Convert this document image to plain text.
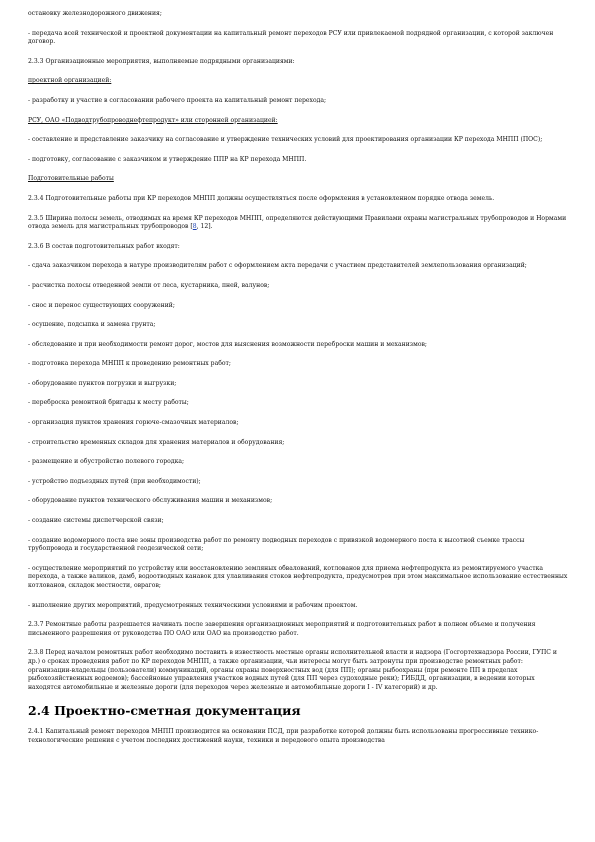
остановку железнодорожного движения;

- передача всей технической и проектной документации на капитальный ремонт переходов РСУ или привлекаемой подрядной организации, с которой заключен договор.

2.3.3 Организационные мероприятия, выполняемые подрядными организациями:

проектной организацией:

- разработку и участие в согласовании рабочего проекта на капитальный ремонт перехода;

РСУ, ОАО «Подводтрубопроводнефтепродукт» или сторонней организацией:

- составление и представление заказчику на согласование и утверждение технических условий для проектирования организации КР перехода МНПП (ПОС);

- подготовку, согласование с заказчиком и утверждение ППР на КР перехода МНПП.

Подготовительные работы

2.3.4 Подготовительные работы при КР переходов МНПП должны осуществляться после оформления в установленном порядке отвода земель.

2.3.5 Ширина полосы земель, отводимых на время КР переходов МНПП, определяются действующими Правилами охраны магистральных трубопроводов и Нормами отвода земель для магистральных трубопроводов [8, 12].

2.3.6 В состав подготовительных работ входят:

- сдача заказчиком перехода в натуре производителям работ с оформлением акта передачи с участием представителей землепользования организаций;

- расчистка полосы отведенной земли от леса, кустарника, пней, валунов;

- снос и перенос существующих сооружений;

- осушение, подсыпка и замена грунта;

- обследование и при необходимости ремонт дорог, мостов для выяснения возможности переброски машин и механизмов;

- подготовка перехода МНПП к проведению ремонтных работ;

- оборудование пунктов погрузки и выгрузки;

- переброска ремонтной бригады к месту работы;

- организация пунктов хранения горюче-смазочных материалов;

- строительство временных складов для хранения материалов и оборудования;

- размещение и обустройство полевого городка;

- устройство подъездных путей (при необходимости);

- оборудование пунктов технического обслуживания машин и механизмов;

- создание системы диспетчерской связи;

- создание водомерного поста вне зоны производства работ по ремонту подводных переходов с привязкой водомерного поста к высотной съемке трассы трубопровода и государственной геодезической сети;

- осуществление мероприятий по устройству или восстановлению земляных обвалований, котлованов для приема нефтепродукта из ремонтируемого участка перехода, а также валиков, дамб, водоотводных канавок для улавливания стоков нефтепродукта, предусмотрев при этом максимальное использование естественных котлованов, складок местности, оврагов;

- выполнение других мероприятий, предусмотренных техническими условиями и рабочим проектом.

2.3.7 Ремонтные работы разрешается начинать после завершения организационных мероприятий и подготовительных работ в полном объеме и получения письменного разрешения от руководства ПО ОАО или ОАО на производство работ.

2.3.8 Перед началом ремонтных работ необходимо поставить в известность местные органы исполнительной власти и надзора (Госгортехнадзора России, ГУПС и др.) о сроках проведения работ по КР переходов МНПП, а также организации, чьи интересы могут быть затронуты при производстве ремонтных работ: организации-владельцы (пользователи) коммуникаций, органы охраны поверхностных вод (для ПП); органы рыбоохраны (при ремонте ПП в пределах рыбохозяйственных водоемов); бассейновые управления участков водных путей (для ПП через судоходные реки); ГИБДД, организации, в ведении которых находятся автомобильные и железные дороги (для переходов через железные и автомобильные дороги I - IV категорий) и др.

2.4 Проектно-сметная документация

2.4.1 Капитальный ремонт переходов МНПП производится на основании ПСД, при разработке которой должны быть использованы прогрессивные технико-технологические решения с учетом последних достижений науки, техники и передового опыта производства
